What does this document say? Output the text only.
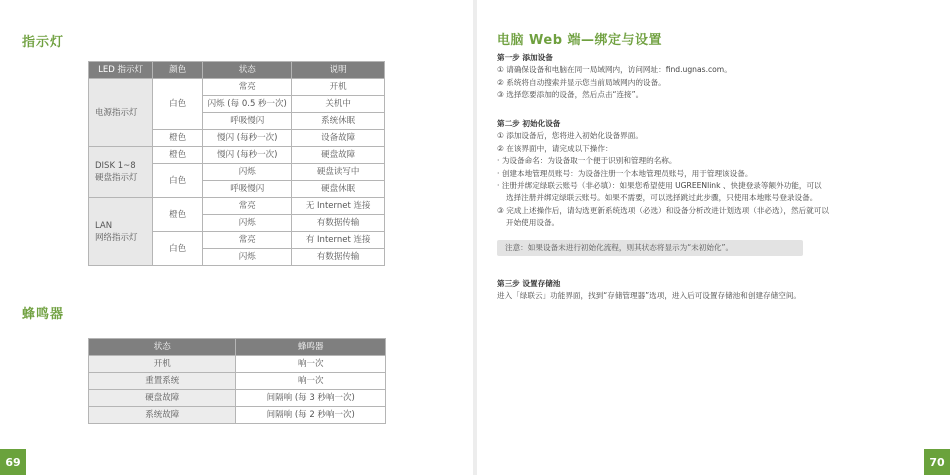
指示灯
LED 指示灯	颜色	状态	说明
电源指示灯	白色	常亮	开机
		闪烁 (每 0.5 秒一次)	关机中
		呼吸慢闪	系统休眠
	橙色	慢闪 (每秒一次)	设备故障
DISK 1~8
硬盘指示灯	橙色	慢闪 (每秒一次)	硬盘故障
	白色	闪烁	硬盘读写中
		呼吸慢闪	硬盘休眠
LAN
网络指示灯	橙色	常亮	无 Internet 连接
		闪烁	有数据传输
	白色	常亮	有 Internet 连接
		闪烁	有数据传输
蜂鸣器
状态	蜂鸣器
开机	响一次
重置系统	响一次
硬盘故障	间隔响 (每 3 秒响一次)
系统故障	间隔响 (每 2 秒响一次)
69
电脑 Web 端—绑定与设置

第一步 添加设备

① 请确保设备和电脑在同一局域网内，访问网址：find.ugnas.com。

② 系统将自动搜索并显示您当前局域网内的设备。

③ 选择您要添加的设备，然后点击“连接”。

第二步 初始化设备

① 添加设备后，您将进入初始化设备界面。

② 在该界面中，请完成以下操作：

· 为设备命名：为设备取一个便于识别和管理的名称。

· 创建本地管理员账号：为设备注册一个本地管理员账号，用于管理该设备。

· 注册并绑定绿联云账号（非必填）：如果您希望使用 UGREENlink 、快捷登录等额外功能，可以

选择注册并绑定绿联云账号。如果不需要，可以选择跳过此步骤，只使用本地账号登录设备。

③ 完成上述操作后，请勾选更新系统选项（必选）和设备分析改进计划选项（非必选），然后就可以

开始使用设备。

注意：如果设备未进行初始化流程，则其状态将显示为“未初始化”。

第三步 设置存储池

进入「绿联云」功能界面，找到“存储管理器”选项，进入后可设置存储池和创建存储空间。

70
